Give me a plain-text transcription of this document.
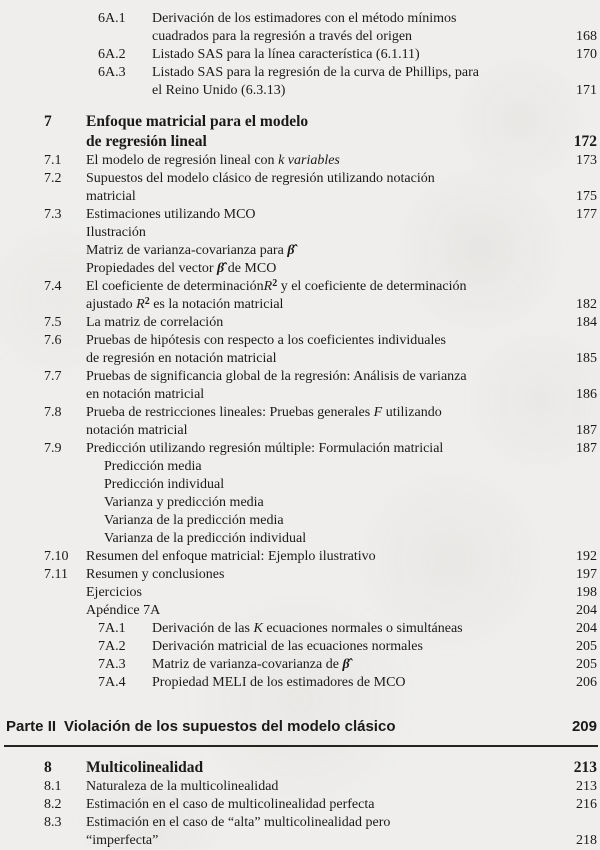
6A.1 Derivación de los estimadores con el método mínimos
cuadrados para la regresión a través del origen	168
6A.2 Listado SAS para la línea característica (6.1.11)	170
6A.3 Listado SAS para la regresión de la curva de Phillips, para
el Reino Unido (6.3.13)	171
7 Enfoque matricial para el modelo
de regresión lineal	172
7.1 El modelo de regresión lineal con k variables	173
7.2 Supuestos del modelo clásico de regresión utilizando notación
matricial	175
7.3 Estimaciones utilizando MCO	177
Ilustración
Matriz de varianza-covarianza para β̂
Propiedades del vector β̂ de MCO
7.4 El coeficiente de determinaciónR$^2$ y el coeficiente de determinación
ajustado $R^2$ es la notación matricial	182
7.5 La matriz de correlación	184
7.6 Pruebas de hipótesis con respecto a los coeficientes individuales
de regresión en notación matricial	185
7.7 Pruebas de significancia global de la regresión: Análisis de varianza
en notación matricial	186
7.8 Prueba de restricciones lineales: Pruebas generales F utilizando
notación matricial	187
7.9 Predicción utilizando regresión múltiple: Formulación matricial	187
Predicción media
Predicción individual
Varianza y predicción media
Varianza de la predicción media
Varianza de la predicción individual
7.10 Resumen del enfoque matricial: Ejemplo ilustrativo	192
7.11 Resumen y conclusiones	197
Ejercicios	198
Apéndice 7A	204
7A.1 Derivación de las K ecuaciones normales o simultáneas	204
7A.2 Derivación matricial de las ecuaciones normales	205
7A.3 Matriz de varianza-covarianza de β̂	205
7A.4 Propiedad MELI de los estimadores de MCO	206
Parte II Violación de los supuestos del modelo clásico	209
8 Multicolinealidad	213
8.1 Naturaleza de la multicolinealidad	213
8.2 Estimación en el caso de multicolinealidad perfecta	216
8.3 Estimación en el caso de “alta” multicolinealidad pero
“imperfecta”	218
